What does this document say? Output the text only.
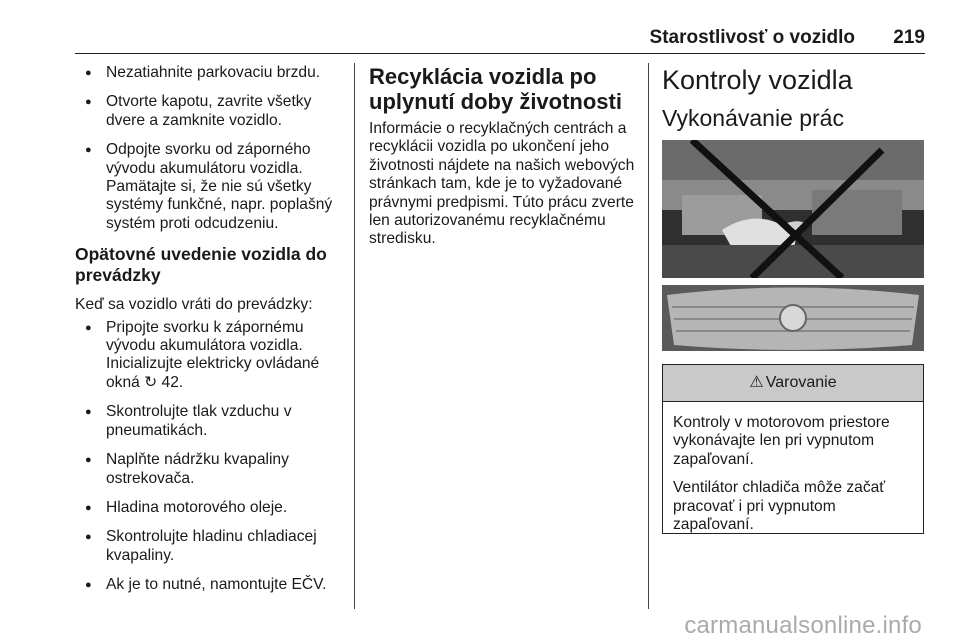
Starostlivosť o vozidlo 219
● Nezatiahnite parkovaciu brzdu.
● Otvorte kapotu, zavrite všetky dvere a zamknite vozidlo.
● Odpojte svorku od záporného vývodu akumulátoru vozidla. Pamätajte si, že nie sú všetky systémy funkčné, napr. poplašný systém proti odcudzeniu.
Opätovné uvedenie vozidla do prevádzky

Keď sa vozidlo vráti do prevádzky:

● Pripojte svorku k zápornému vývodu akumulátora vozidla. Inicializujte elektricky ovládané okná ↻ 42.
● Skontrolujte tlak vzduchu v pneumatikách.
● Naplňte nádržku kvapaliny ostrekovača.
● Hladina motorového oleje.
● Skontrolujte hladinu chladiacej kvapaliny.
● Ak je to nutné, namontujte EČV.
Recyklácia vozidla po uplynutí doby životnosti

Informácie o recyklačných centrách a recyklácii vozidla po ukončení jeho životnosti nájdete na našich webových stránkach tam, kde je to vyžadované právnymi predpismi. Túto prácu zverte len autorizovanému recyklačnému stredisku.

Kontroly vozidla
Vykonávanie prác
⚠ Varovanie

Kontroly v motorovom priestore vykonávajte len pri vypnutom zapaľovaní.

Ventilátor chladiča môže začať pracovať i pri vypnutom zapaľovaní.

carmanualsonline.info
